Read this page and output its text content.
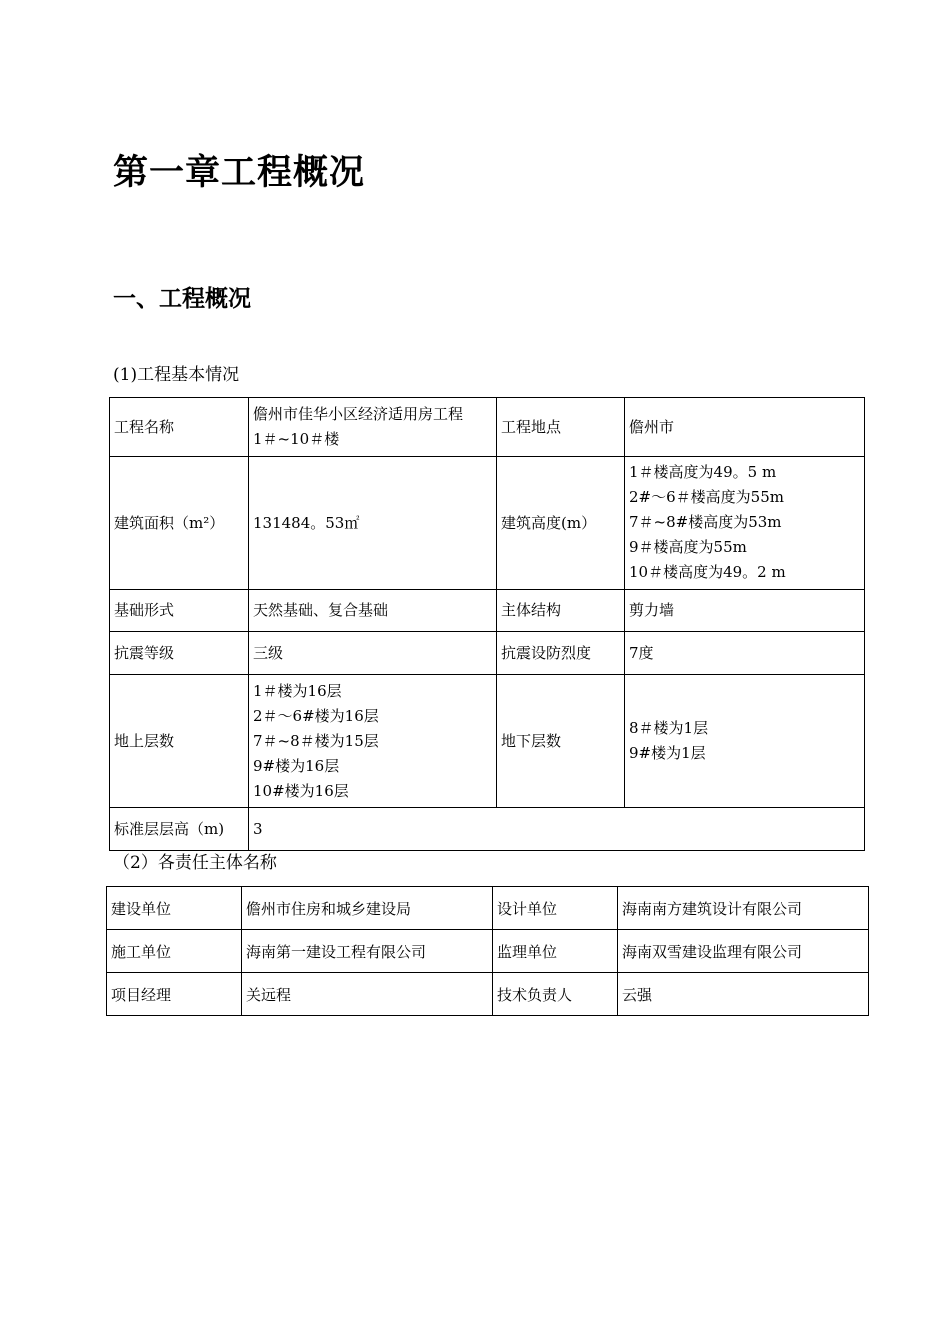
第一章工程概况
一、工程概况
(1)工程基本情况
工程名称	儋州市佳华小区经济适用房工程
1＃~10＃楼	工程地点	儋州市
建筑面积（m²）	131484。53㎡	建筑高度(m）	1＃楼高度为49。5 m
2#～6＃楼高度为55m
7＃~8#楼高度为53m
9＃楼高度为55m
10＃楼高度为49。2 m

基础形式	天然基础、复合基础	主体结构	剪力墙
抗震等级	三级	抗震设防烈度	7度
地上层数	1＃楼为16层
2＃～6#楼为16层
7＃~8＃楼为15层
9#楼为16层
10#楼为16层	地下层数	8＃楼为1层
9#楼为1层

标准层层高（m)	3		
（2）各责任主体名称
建设单位	儋州市住房和城乡建设局	设计单位	海南南方建筑设计有限公司
施工单位	海南第一建设工程有限公司	监理单位	海南双雪建设监理有限公司
项目经理	关远程	技术负责人	云强
